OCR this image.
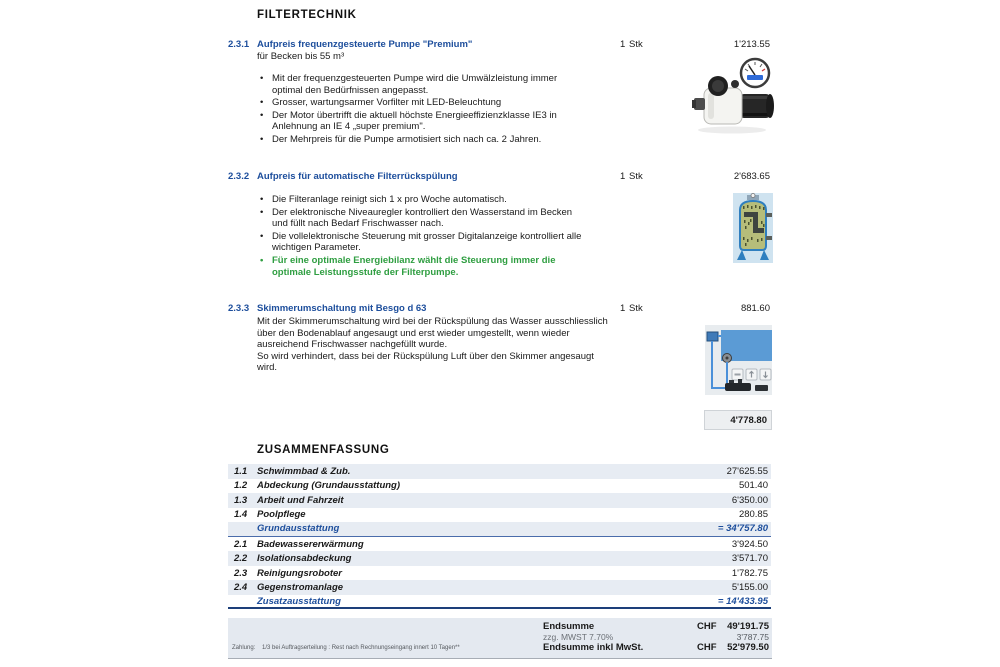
FILTERTECHNIK
2.3.1 Aufpreis frequenzgesteuerte Pumpe "Premium"
für Becken bis 55 m³
1 Stk	1'213.55
• Mit der frequenzgesteuerten Pumpe wird die Umwälzleistung immer optimal den Bedürfnissen angepasst.
• Grosser, wartungsarmer Vorfilter mit LED-Beleuchtung
• Der Motor übertrifft die aktuell höchste Energieeffizienzklasse IE3 in Anlehnung an IE 4 „super premium".
• Der Mehrpreis für die Pumpe armotisiert sich nach ca. 2 Jahren.
2.3.2 Aufpreis für automatische Filterrückspülung	1 Stk	2'683.65
• Die Filteranlage reinigt sich 1 x pro Woche automatisch.
• Der elektronische Niveauregler kontrolliert den Wasserstand im Becken und füllt nach Bedarf Frischwasser nach.
• Die vollelektronische Steuerung mit grosser Digitalanzeige kontrolliert alle wichtigen Parameter.
• Für eine optimale Energiebilanz wählt die Steuerung immer die optimale Leistungsstufe der Filterpumpe.
2.3.3 Skimmerumschaltung mit Besgo d 63	1 Stk	881.60

Mit der Skimmerumschaltung wird bei der Rückspülung das Wasser ausschliesslich über den Bodenablauf angesaugt und erst wieder umgestellt, wenn wieder ausreichend Frischwasser nachgefüllt wurde.

So wird verhindert, dass bei der Rückspülung Luft über den Skimmer angesaugt wird.

4'778.80
ZUSAMMENFASSUNG
1.1	Schwimmbad & Zub.	27'625.55
1.2	Abdeckung (Grundausstattung)	501.40
1.3	Arbeit und Fahrzeit	6'350.00
1.4	Poolpflege	280.85
Grundausstattung	= 34'757.80
2.1	Badewassererwärmung	3'924.50
2.2	Isolationsabdeckung	3'571.70
2.3	Reinigungsroboter	1'782.75
2.4	Gegenstromanlage	5'155.00
Zusatzausstattung	= 14'433.95
Endsumme	CHF 49'191.75
zzg. MWST 7.70%	3'787.75
Endsumme inkl MwSt.	CHF 52'979.50
Zahlung: 1/3 bei Auftragserteilung : Rest nach Rechnungseingang innert 10 Tagen**
